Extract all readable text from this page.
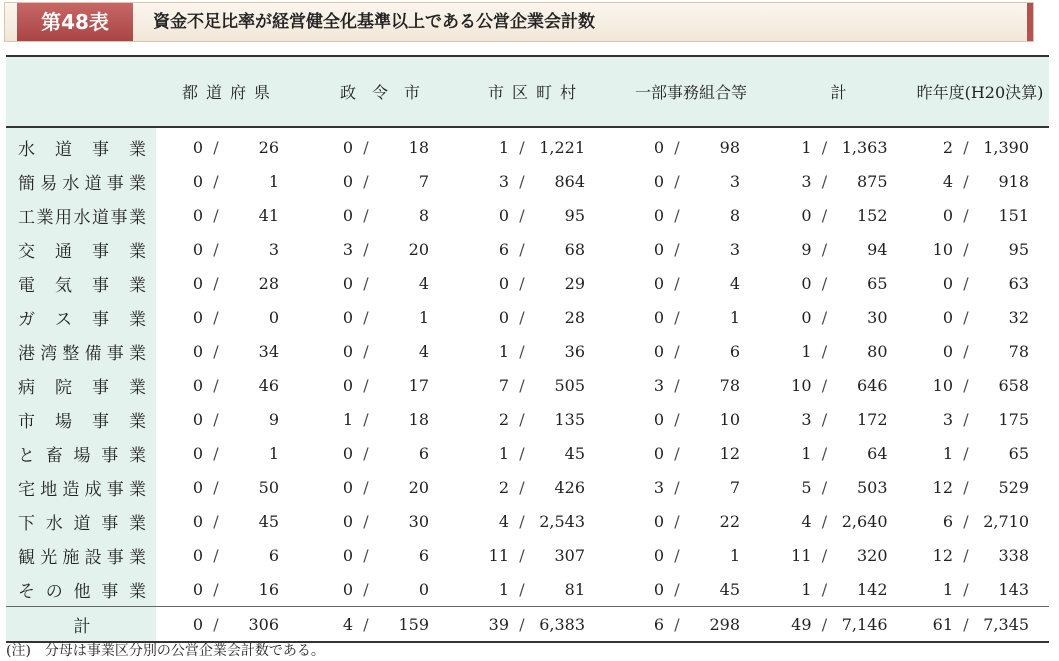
第48表	資金不足比率が経営健全化基準以上である公営企業会計数
	都道府県	政　令　市	市区町村	一部事務組合等	計	昨年度(H20決算)
水道事業	0 / 26	0 / 18	1 / 1,221	0 / 98	1 / 1,363	2 / 1,390

簡易水道事業	0 / 1	0 / 7	3 / 864	0 / 3	3 / 875	4 / 918

工業用水道事業	0 / 41	0 / 8	0 / 95	0 / 8	0 / 152	0 / 151

交通事業	0 / 3	3 / 20	6 / 68	0 / 3	9 / 94	10 / 95

電気事業	0 / 28	0 / 4	0 / 29	0 / 4	0 / 65	0 / 63

ガス事業	0 / 0	0 / 1	0 / 28	0 / 1	0 / 30	0 / 32

港湾整備事業	0 / 34	0 / 4	1 / 36	0 / 6	1 / 80	0 / 78

病院事業	0 / 46	0 / 17	7 / 505	3 / 78	10 / 646	10 / 658

市場事業	0 / 9	1 / 18	2 / 135	0 / 10	3 / 172	3 / 175

と畜場事業	0 / 1	0 / 6	1 / 45	0 / 12	1 / 64	1 / 65

宅地造成事業	0 / 50	0 / 20	2 / 426	3 / 7	5 / 503	12 / 529

下水道事業	0 / 45	0 / 30	4 / 2,543	0 / 22	4 / 2,640	6 / 2,710

観光施設事業	0 / 6	0 / 6	11 / 307	0 / 1	11 / 320	12 / 338

その他事業	0 / 16	0 / 0	1 / 81	0 / 45	1 / 142	1 / 143

計	0 / 306	4 / 159	39 / 6,383	6 / 298	49 / 7,146	61 / 7,345
(注)　分母は事業区分別の公営企業会計数である。
